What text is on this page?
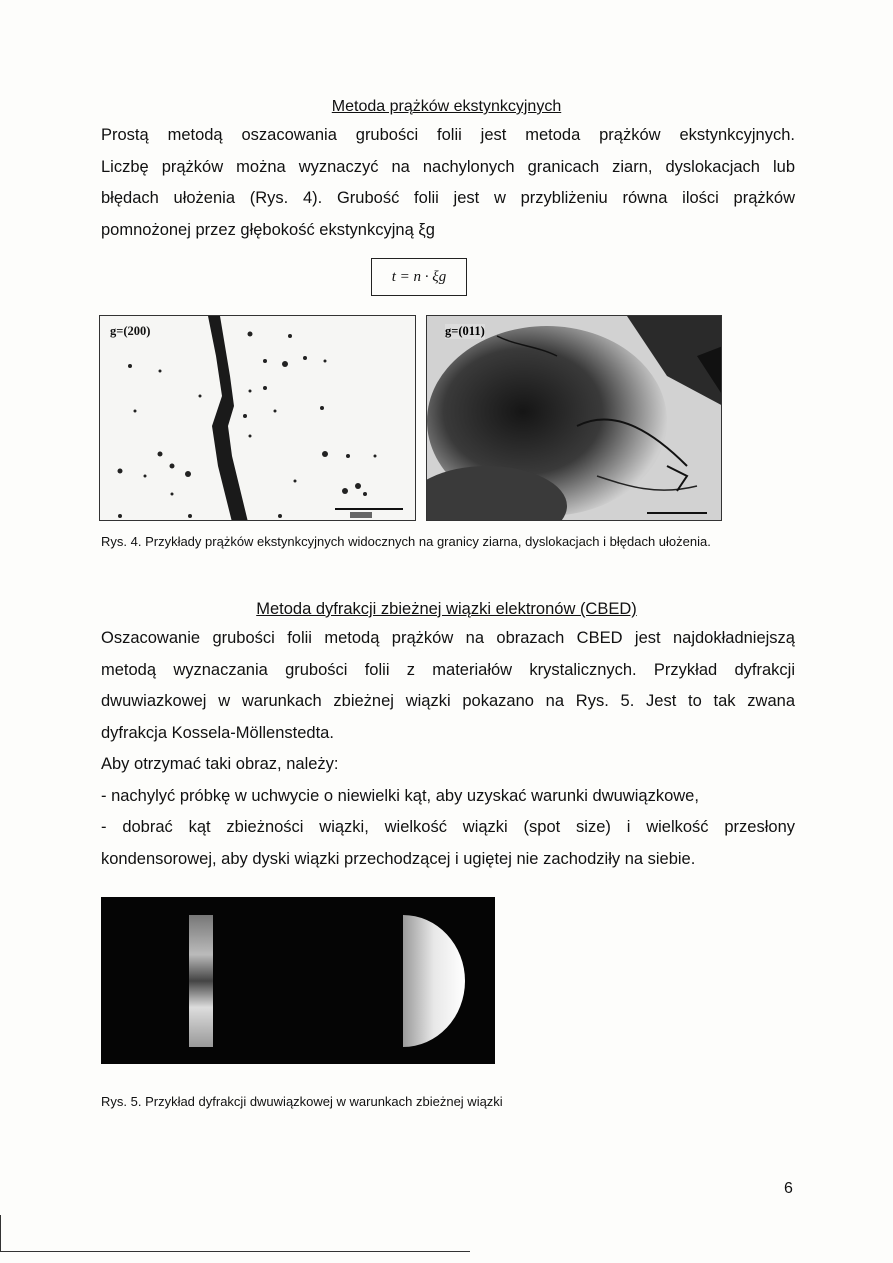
Metoda prążków ekstynkcyjnych

Prostą metodą oszacowania grubości folii jest metoda prążków ekstynkcyjnych.

Liczbę prążków można wyznaczyć na nachylonych granicach ziarn, dyslokacjach lub

błędach ułożenia (Rys. 4). Grubość folii jest w przybliżeniu równa ilości prążków

pomnożonej przez głębokość ekstynkcyjną ξg

t = n · ξg
g=(200)	g=(011)
Rys. 4. Przykłady prążków ekstynkcyjnych widocznych na granicy ziarna, dyslokacjach i błędach ułożenia.
Metoda dyfrakcji zbieżnej wiązki elektronów (CBED)

Oszacowanie grubości folii metodą prążków na obrazach CBED jest najdokładniejszą

metodą wyznaczania grubości folii z materiałów krystalicznych. Przykład dyfrakcji

dwuwiazkowej w warunkach zbieżnej wiązki pokazano na Rys. 5. Jest to tak zwana

dyfrakcja Kossela-Möllenstedta.

Aby otrzymać taki obraz, należy:

- nachylyć próbkę w uchwycie o niewielki kąt, aby uzyskać warunki dwuwiązkowe,

- dobrać kąt zbieżności wiązki, wielkość wiązki (spot size) i wielkość przesłony

kondensorowej, aby dyski wiązki przechodzącej i ugiętej nie zachodziły na siebie.

Rys. 5. Przykład dyfrakcji dwuwiązkowej w warunkach zbieżnej wiązki
6
